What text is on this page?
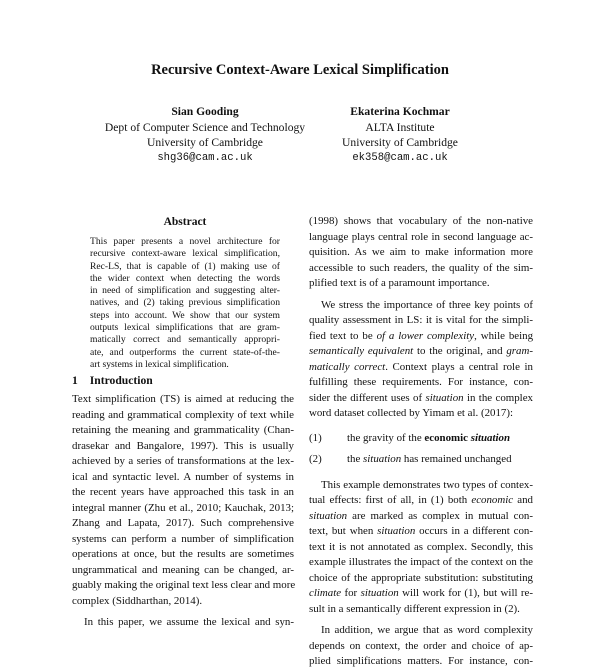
Recursive Context-Aware Lexical Simplification
Sian Gooding
Dept of Computer Science and Technology
University of Cambridge
shg36@cam.ac.uk
Ekaterina Kochmar
ALTA Institute
University of Cambridge
ek358@cam.ac.uk
Abstract
This paper presents a novel architecture for
recursive context-aware lexical simplification,
Rec-LS, that is capable of (1) making use of
the wider context when detecting the words
in need of simplification and suggesting alter-
natives, and (2) taking previous simplification
steps into account. We show that our system
outputs lexical simplifications that are gram-
matically correct and semantically appropri-
ate, and outperforms the current state-of-the-
art systems in lexical simplification.
1 Introduction
Text simplification (TS) is aimed at reducing the
reading and grammatical complexity of text while
retaining the meaning and grammaticality (Chan-
drasekar and Bangalore, 1997). This is usually
achieved by a series of transformations at the lex-
ical and syntactic level. A number of systems in
the recent years have approached this task in an
integral manner (Zhu et al., 2010; Kauchak, 2013;
Zhang and Lapata, 2017). Such comprehensive
systems can perform a number of simplification
operations at once, but the results are sometimes
ungrammatical and meaning can be changed, ar-
guably making the original text less clear and more
complex (Siddharthan, 2014).
In this paper, we assume the lexical and syn-
(1998) shows that vocabulary of the non-native
language plays central role in second language ac-
quisition. As we aim to make information more
accessible to such readers, the quality of the sim-
plified text is of a paramount importance.
We stress the importance of three key points of
quality assessment in LS: it is vital for the simpli-
fied text to be of a lower complexity, while being
semantically equivalent to the original, and gram-
matically correct. Context plays a central role in
fulfilling these requirements. For instance, con-
sider the different uses of situation in the complex
word dataset collected by Yimam et al. (2017):
(1)	the gravity of the economic situation
(2)	the situation has remained unchanged
This example demonstrates two types of contex-
tual effects: first of all, in (1) both economic and
situation are marked as complex in mutual con-
text, but when situation occurs in a different con-
text it is not annotated as complex. Secondly, this
example illustrates the impact of the context on the
choice of the appropriate substitution: substituting
climate for situation will work for (1), but will re-
sult in a semantically different expression in (2).
In addition, we argue that as word complexity
depends on context, the order and choice of ap-
plied simplifications matters. For instance, con-
